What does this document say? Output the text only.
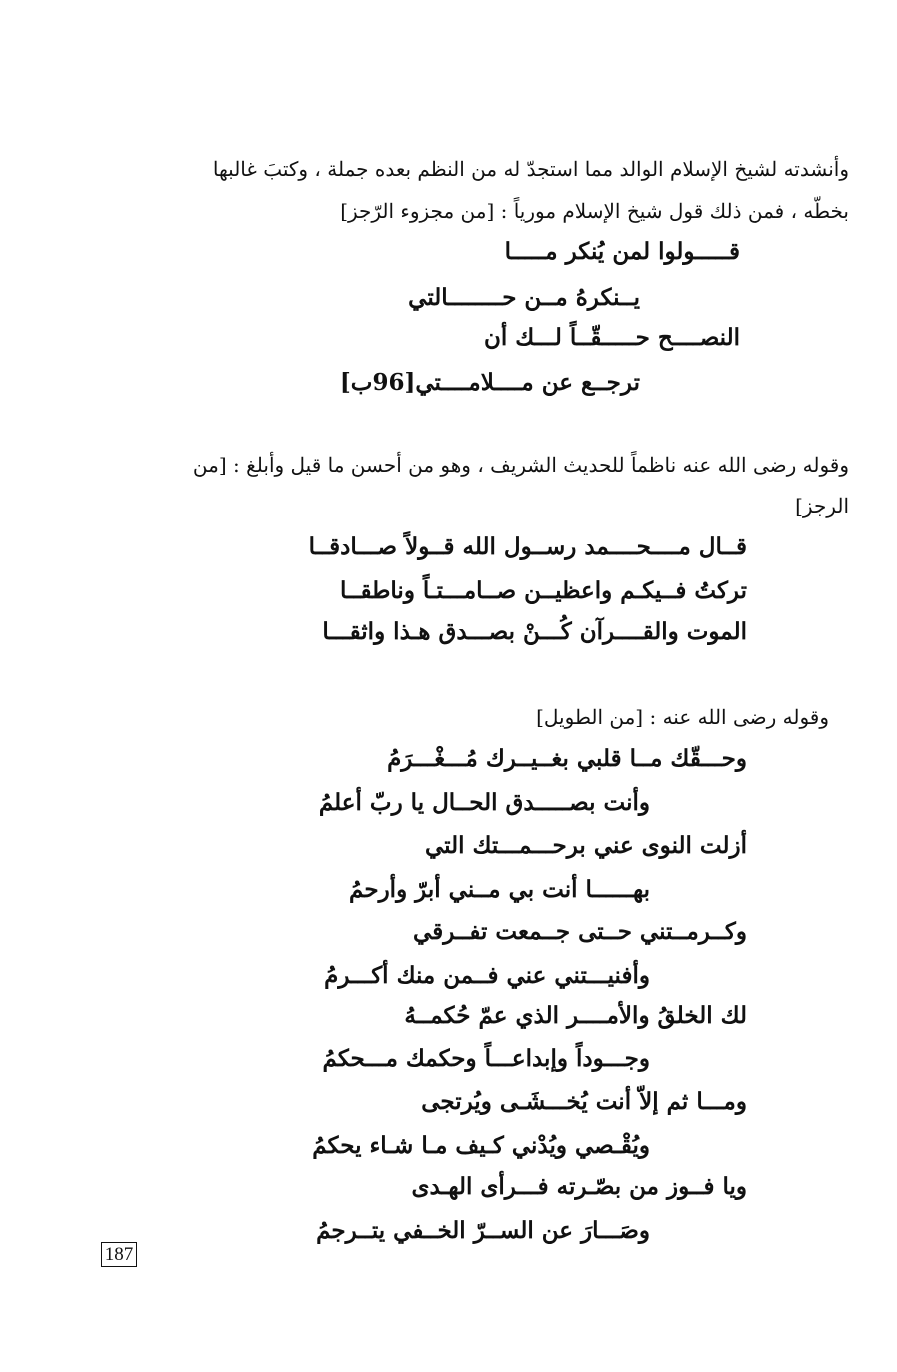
وأنشدته لشيخ الإسلام الوالد مما استجدّ له من النظم بعده جملة ، وكتبَ غالبها
بخطّه ، فمن ذلك قول شيخ الإسلام مورياً : [من مجزوء الرّجز]
قـــــولوا لمن يُنكر مـــــا
يــنكرهُ مــن حــــــــالتي
النصــــح حـــــقّــاً لـــك أن
ترجــع عن مــــلامــــتي[96ب]
وقوله رضى الله عنه ناظماً للحديث الشريف ، وهو من أحسن ما قيل وأبلغ : [من
الرجز]
قــال مــــحــــمد رســول الله قــولاً صـــادقــا
تركتُ فــيكـم واعظيــن صــامـــتـاً وناطقــا
الموت والقــــرآن كُـــنْ بصـــدق هـذا واثقـــا
وقوله رضى الله عنه : [من الطويل]
وحـــقّك مــا قلبي بغــيــرك مُـــغْـــرَمُ
وأنت بصـــــدق الحــال يا ربّ أعلمُ
أزلت النوى عني برحـــمـــتك التي
بهــــــا أنت بي مــني أبرّ وأرحمُ
وكــرمــتني حــتى جــمعت تفــرقي
وأفنيـــتني عني فــمن منك أكـــرمُ
لك الخلقُ والأمــــر الذي عمّ حُكمــهُ
وجـــوداً وإبداعـــاً وحكمك مـــحكمُ
ومـــا ثم إلاّ أنت يُخـــشَـى ويُرتجى
ويُقْـصي ويُدْني كـيف مـا شـاء يحكمُ
ويا فــوز من بصّـرته فـــرأى الهـدى
وصَـــارَ عن الســرّ الخــفي يتــرجمُ
187
